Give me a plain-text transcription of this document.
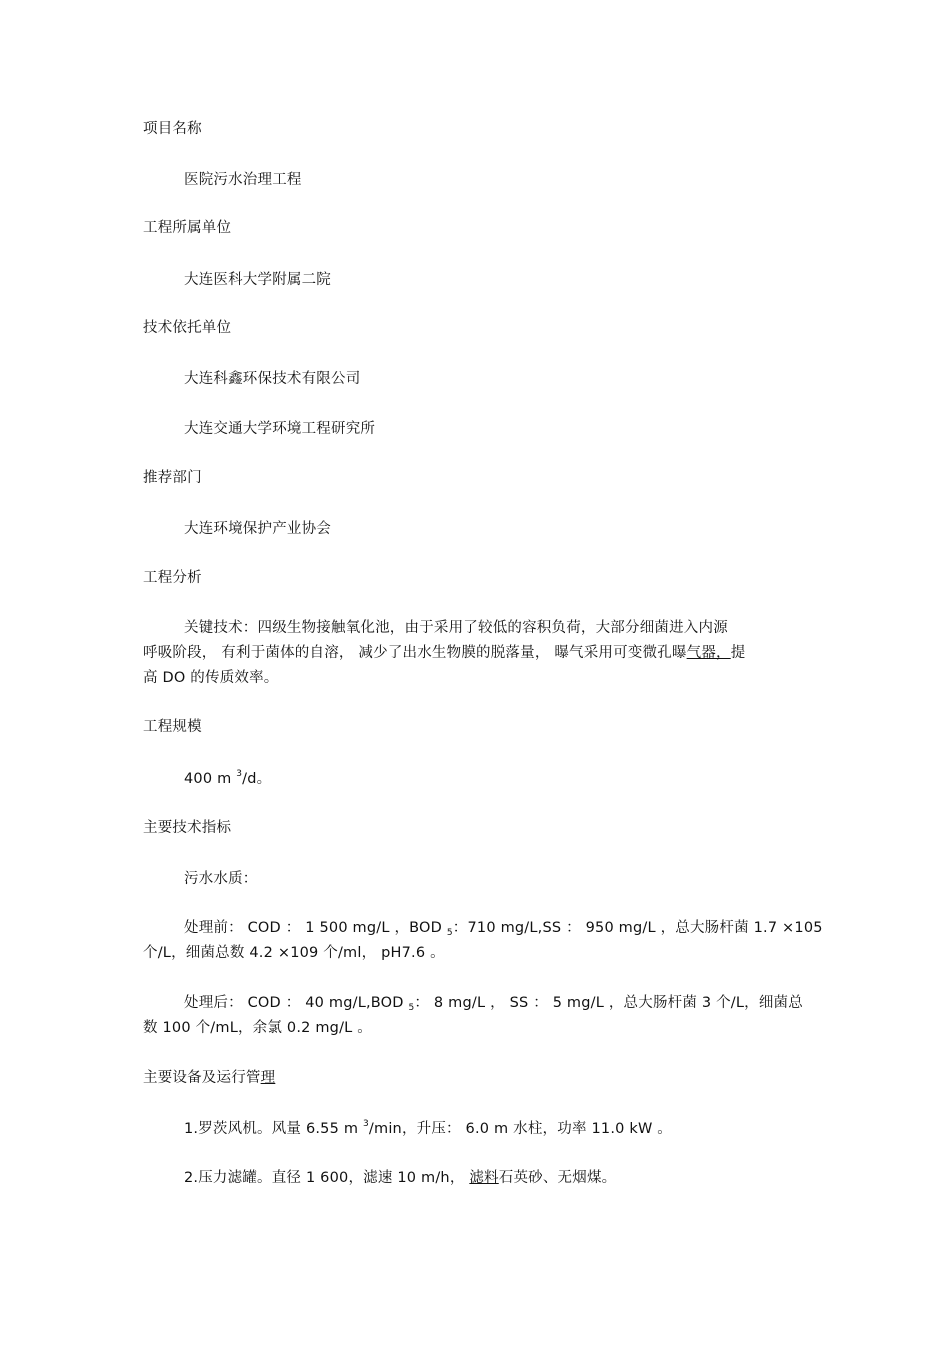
项目名称
医院污水治理工程
工程所属单位
大连医科大学附属二院
技术依托单位
大连科鑫环保技术有限公司
大连交通大学环境工程研究所
推荐部门
大连环境保护产业协会
工程分析
关键技术：四级生物接触氧化池，由于采用了较低的容积负荷，大部分细菌进入内源
呼吸阶段， 有利于菌体的自溶， 减少了出水生物膜的脱落量， 曝气采用可变微孔曝气器，提
高 DO 的传质效率。
工程规模
400 m $^3$/d。
主要技术指标
污水水质：
处理前： COD ： 1 500 mg/L ，BOD $_5$：710 mg/L,SS ： 950 mg/L ，总大肠杆菌 1.7 ×105
个/L，细菌总数 4.2 ×109 个/ml， pH7.6 。
处理后： COD ： 40 mg/L,BOD $_5$： 8 mg/L ， SS ： 5 mg/L ，总大肠杆菌 3 个/L，细菌总
数 100 个/mL，余氯 0.2 mg/L 。
主要设备及运行管理
1.罗茨风机。风量 6.55 m $^3$/min，升压： 6.0 m 水柱，功率 11.0 kW 。
2.压力滤罐。直径 1 600，滤速 10 m/h， 滤料石英砂、无烟煤。
